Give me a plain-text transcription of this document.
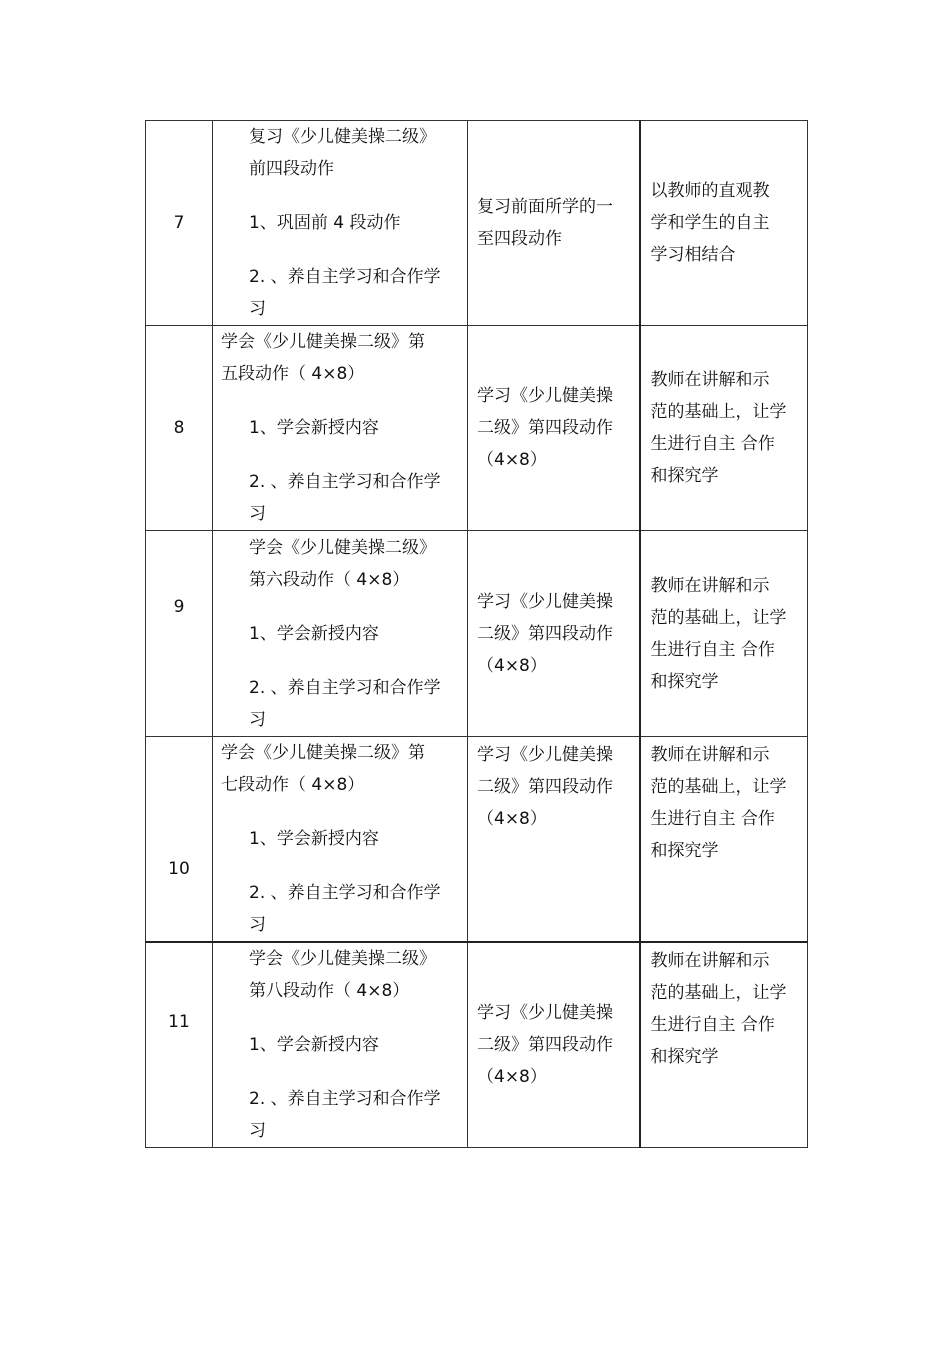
7	复习《少儿健美操二级》
前四段动作
1、巩固前 4 段动作
2. 、养自主学习和合作学
习	复习前面所学的一
至四段动作	以教师的直观教
学和学生的自主
学习相结合

8	学会《少儿健美操二级》第
五段动作（ 4×8）
1、学会新授内容
2. 、养自主学习和合作学
习	学习《少儿健美操
二级》第四段动作
（4×8）	教师在讲解和示
范的基础上，让学
生进行自主 合作
和探究学

9	学会《少儿健美操二级》
第六段动作（ 4×8）
1、学会新授内容
2. 、养自主学习和合作学
习	学习《少儿健美操
二级》第四段动作
（4×8）	教师在讲解和示
范的基础上，让学
生进行自主 合作
和探究学

10	学会《少儿健美操二级》第
七段动作（ 4×8）
1、学会新授内容
2. 、养自主学习和合作学
习	学习《少儿健美操
二级》第四段动作
（4×8）	教师在讲解和示
范的基础上，让学
生进行自主 合作
和探究学

11	学会《少儿健美操二级》
第八段动作（ 4×8）
1、学会新授内容
2. 、养自主学习和合作学
习	学习《少儿健美操
二级》第四段动作
（4×8）	教师在讲解和示
范的基础上，让学
生进行自主 合作
和探究学
